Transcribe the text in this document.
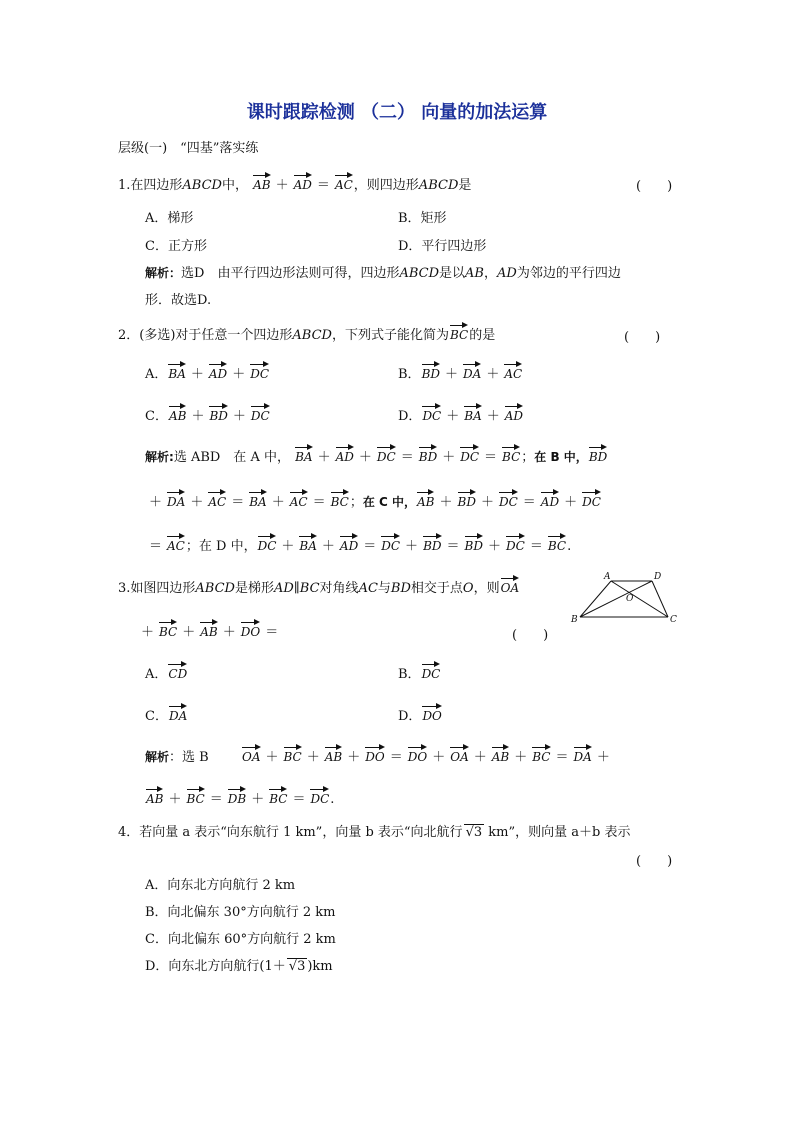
课时跟踪检测 （二） 向量的加法运算
层级(一)　“四基”落实练
1.在四边形ABCD中， AB ＋ AD ＝ AC，则四边形ABCD是	(　　)
A．梯形	B．矩形
C．正方形	D．平行四边形
解析：选D　由平行四边形法则可得，四边形ABCD是以AB，AD为邻边的平行四边
形．故选D.
2．(多选)对于任意一个四边形ABCD，下列式子能化简为BC的是	(　　)
A．BA ＋ AD ＋ DC	B．BD ＋ DA ＋ AC
C．AB ＋ BD ＋ DC	D．DC ＋ BA ＋ AD
解析:选 ABD　在 A 中， BA ＋ AD ＋ DC ＝ BD ＋ DC ＝ BC；在 B 中，BD
＋ DA ＋ AC ＝ BA ＋ AC ＝ BC；在 C 中，AB ＋ BD ＋ DC ＝ AD ＋ DC
＝ AC；在 D 中，DC ＋ BA ＋ AD ＝ DC ＋ BD ＝ BD ＋ DC ＝ BC.
3.如图四边形ABCD是梯形AD∥BC对角线AC与BD相交于点O，则OA
＋ BC ＋ AB ＋ DO ＝	(　　)
A	D
B	C
O
A．CD	B．DC
C．DA	D．DO
解析：选 B	OA ＋ BC ＋ AB ＋ DO ＝ DO ＋ OA ＋ AB ＋ BC ＝ DA ＋
AB ＋ BC ＝ DB ＋ BC ＝ DC.
4．若向量 a 表示“向东航行 1 km”，向量 b 表示“向北航行 √3 km”，则向量 a＋b 表示
(　　)
A．向东北方向航行 2 km
B．向北偏东 30°方向航行 2 km
C．向北偏东 60°方向航行 2 km
D．向东北方向航行(1＋ √3 )km
